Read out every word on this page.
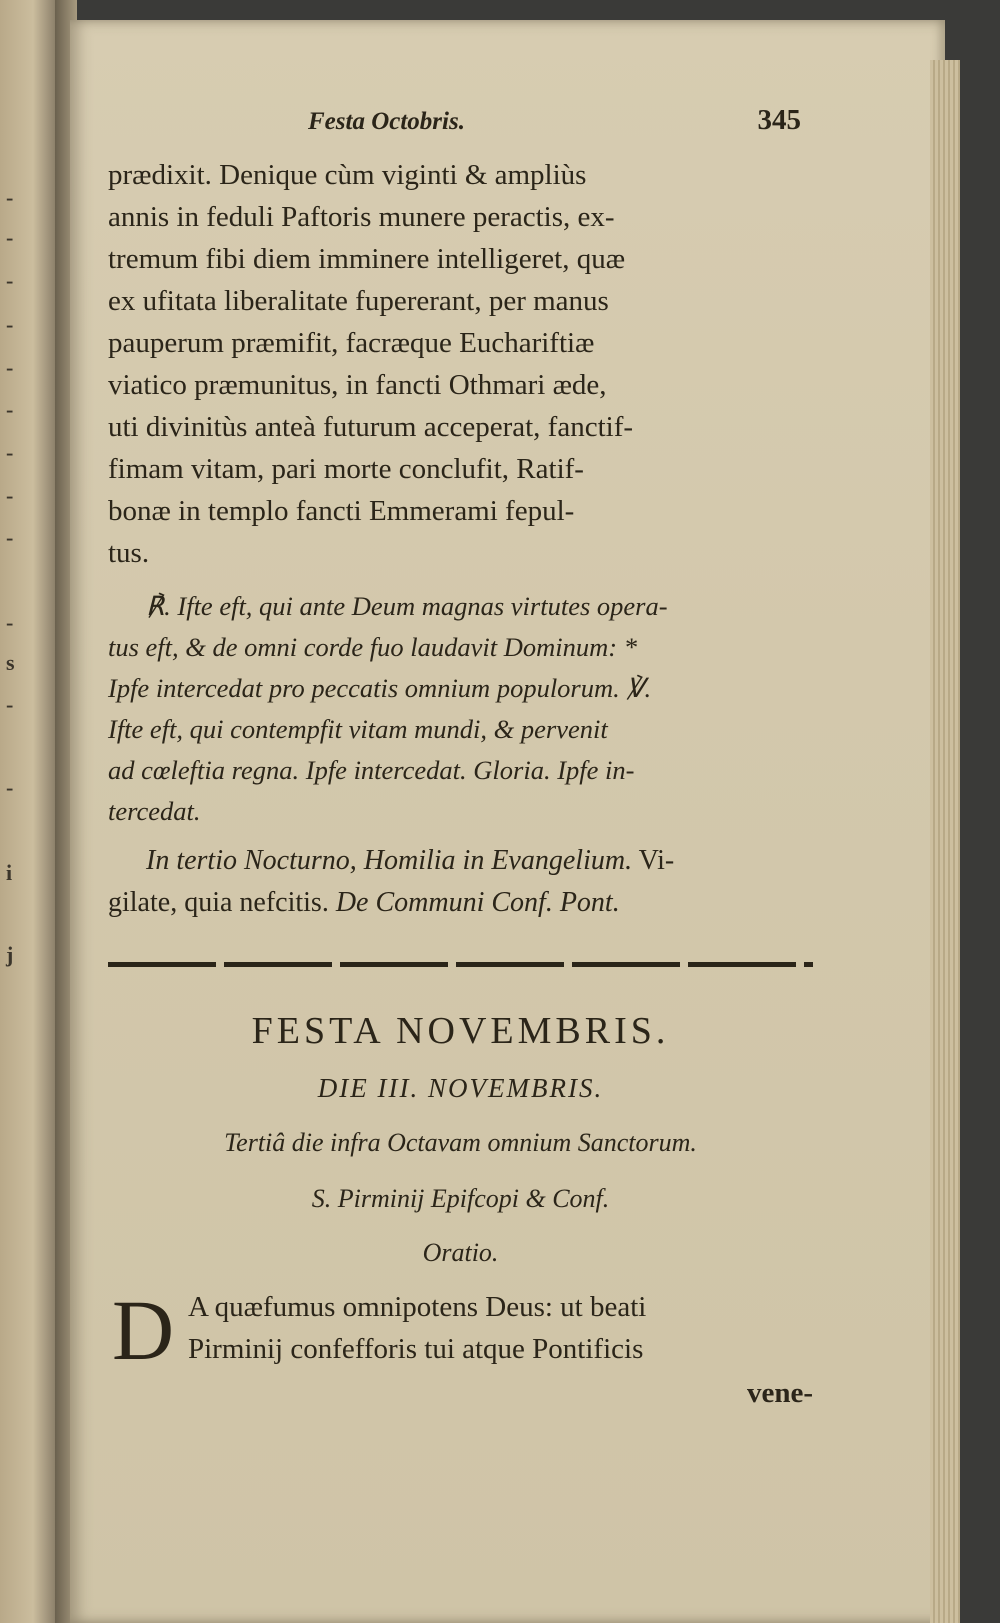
-
-
-
-
-
-
-
-
-
-
s
-
-
i
j
Festa Octobris.	345
prædixit. Denique cùm viginti & ampliùs
annis in feduli Paftoris munere peractis, ex-
tremum fibi diem imminere intelligeret, quæ
ex ufitata liberalitate fupererant, per manus
pauperum præmifit, facræque Euchariftiæ
viatico præmunitus, in fancti Othmari æde,
uti divinitùs anteà futurum acceperat, fanctif-
fimam vitam, pari morte conclufit, Ratif-
bonæ in templo fancti Emmerami fepul-
tus.
℟. Ifte eft, qui ante Deum magnas virtutes opera-
tus eft, & de omni corde fuo laudavit Dominum: *
Ipfe intercedat pro peccatis omnium populorum. ℣.
Ifte eft, qui contempfit vitam mundi, & pervenit
ad cœleftia regna. Ipfe intercedat. Gloria. Ipfe in-
tercedat.
In tertio Nocturno, Homilia in Evangelium. Vi-
gilate, quia nefcitis. De Communi Conf. Pont.
FESTA NOVEMBRIS.
DIE III. NOVEMBRIS.
Tertiâ die infra Octavam omnium Sanctorum.
S. Pirminij Epifcopi & Conf.
Oratio.
D A quæfumus omnipotens Deus: ut beati
Pirminij confefforis tui atque Pontificis
vene-
